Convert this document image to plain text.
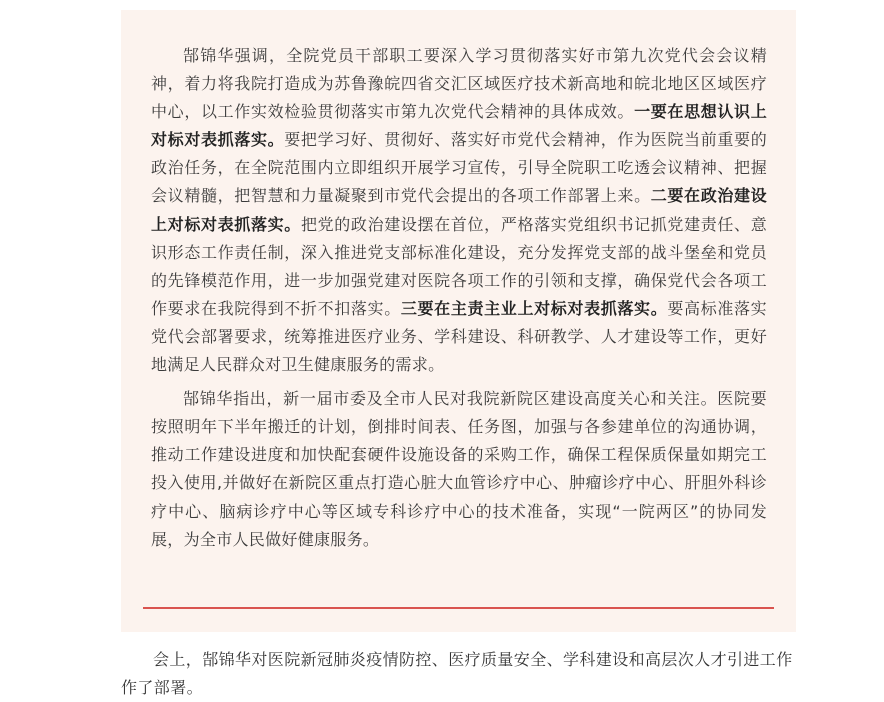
郜锦华强调，全院党员干部职工要深入学习贯彻落实好市第九次党代会会议精神，着力将我院打造成为苏鲁豫皖四省交汇区域医疗技术新高地和皖北地区区域医疗中心，以工作实效检验贯彻落实市第九次党代会精神的具体成效。一要在思想认识上对标对表抓落实。要把学习好、贯彻好、落实好市党代会精神，作为医院当前重要的政治任务，在全院范围内立即组织开展学习宣传，引导全院职工吃透会议精神、把握会议精髓，把智慧和力量凝聚到市党代会提出的各项工作部署上来。二要在政治建设上对标对表抓落实。把党的政治建设摆在首位，严格落实党组织书记抓党建责任、意识形态工作责任制，深入推进党支部标准化建设，充分发挥党支部的战斗堡垒和党员的先锋模范作用，进一步加强党建对医院各项工作的引领和支撑，确保党代会各项工作要求在我院得到不折不扣落实。三要在主责主业上对标对表抓落实。要高标准落实党代会部署要求，统筹推进医疗业务、学科建设、科研教学、人才建设等工作，更好地满足人民群众对卫生健康服务的需求。

郜锦华指出，新一届市委及全市人民对我院新院区建设高度关心和关注。医院要按照明年下半年搬迁的计划，倒排时间表、任务图，加强与各参建单位的沟通协调，推动工作建设进度和加快配套硬件设施设备的采购工作，确保工程保质保量如期完工投入使用,并做好在新院区重点打造心脏大血管诊疗中心、肿瘤诊疗中心、肝胆外科诊疗中心、脑病诊疗中心等区域专科诊疗中心的技术准备，实现“一院两区”的协同发展，为全市人民做好健康服务。

会上，郜锦华对医院新冠肺炎疫情防控、医疗质量安全、学科建设和高层次人才引进工作作了部署。
